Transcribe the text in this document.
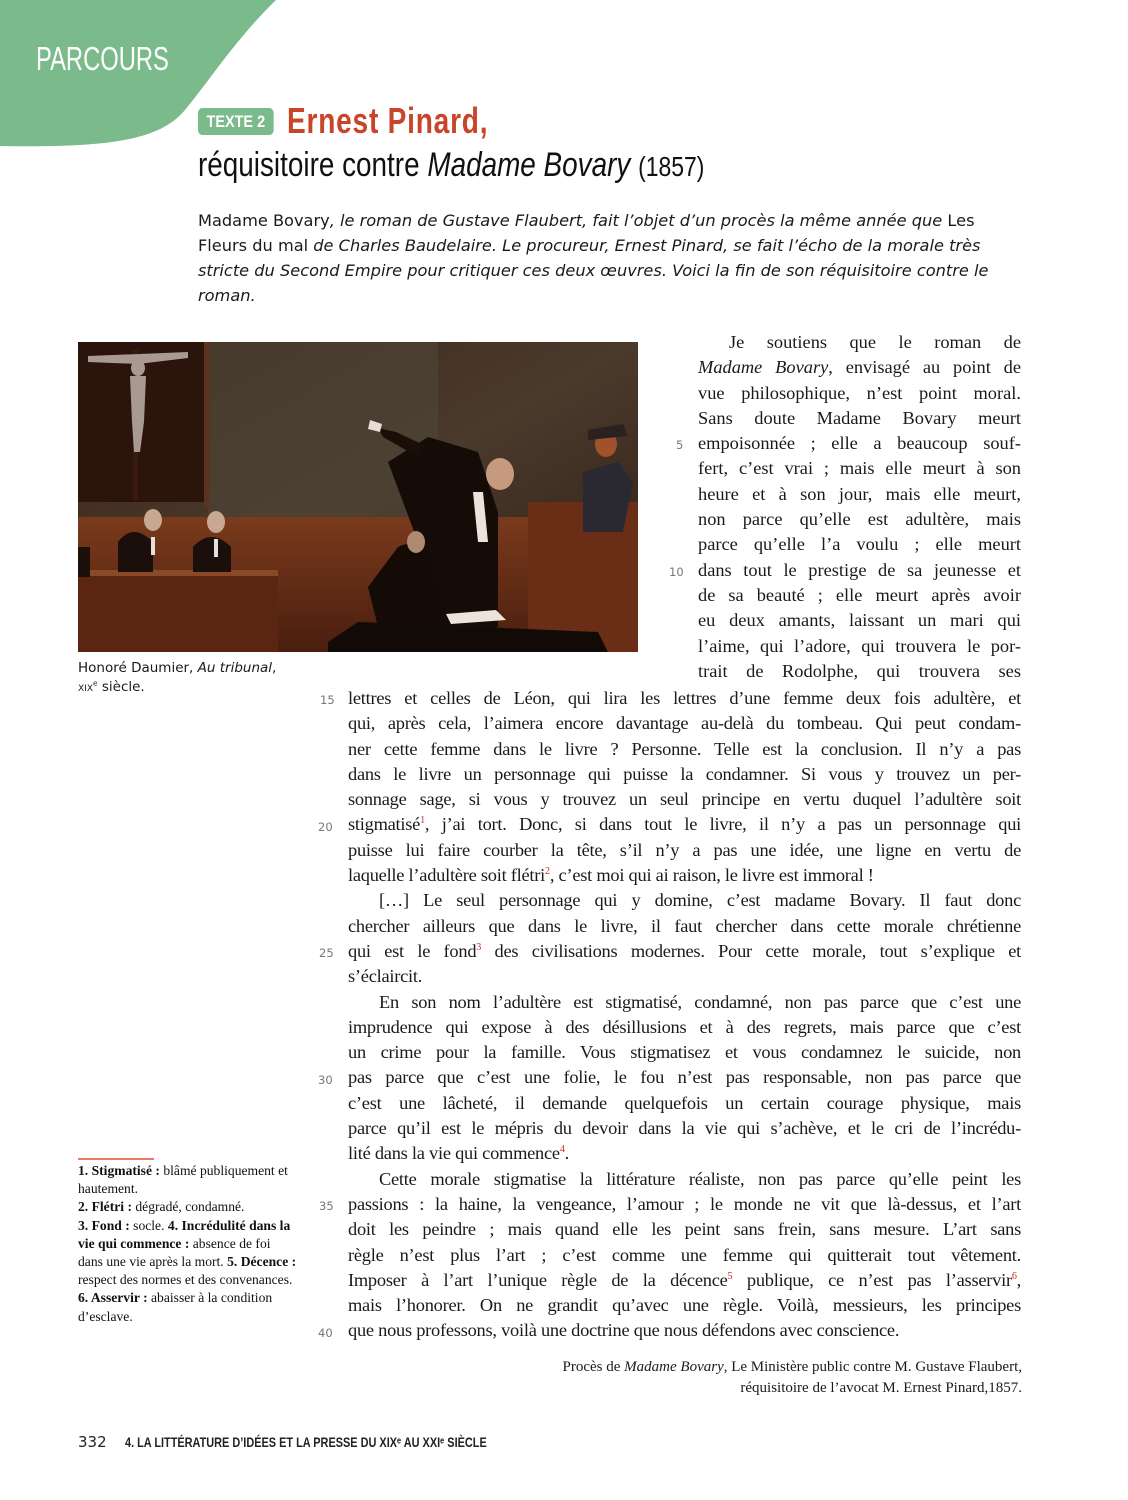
PARCOURS
TEXTE 2 Ernest Pinard,
réquisitoire contre Madame Bovary (1857)
Madame Bovary, le roman de Gustave Flaubert, fait l’objet d’un procès la même année que Les Fleurs du mal de Charles Baudelaire. Le procureur, Ernest Pinard, se fait l’écho de la morale très stricte du Second Empire pour critiquer ces deux œuvres. Voici la fin de son réquisitoire contre le roman.
Honoré Daumier, Au tribunal,
xix$^e$ siècle.
Je soutiens que le roman de
Madame Bovary, envisagé au point de
vue philosophique, n’est point moral.
Sans doute Madame Bovary meurt
empoisonnée ; elle a beaucoup souf-
fert, c’est vrai ; mais elle meurt à son
heure et à son jour, mais elle meurt,
non parce qu’elle est adultère, mais
parce qu’elle l’a voulu ; elle meurt
dans tout le prestige de sa jeunesse et
de sa beauté ; elle meurt après avoir
eu deux amants, laissant un mari qui
l’aime, qui l’adore, qui trouvera le por-
trait de Rodolphe, qui trouvera ses
lettres et celles de Léon, qui lira les lettres d’une femme deux fois adultère, et
qui, après cela, l’aimera encore davantage au-delà du tombeau. Qui peut condam-
ner cette femme dans le livre ? Personne. Telle est la conclusion. Il n’y a pas
dans le livre un personnage qui puisse la condamner. Si vous y trouvez un per-
sonnage sage, si vous y trouvez un seul principe en vertu duquel l’adultère soit
stigmatisé$^1$, j’ai tort. Donc, si dans tout le livre, il n’y a pas un personnage qui
puisse lui faire courber la tête, s’il n’y a pas une idée, une ligne en vertu de
laquelle l’adultère soit flétri$^2$, c’est moi qui ai raison, le livre est immoral !
[…] Le seul personnage qui y domine, c’est madame Bovary. Il faut donc
chercher ailleurs que dans le livre, il faut chercher dans cette morale chrétienne
qui est le fond$^3$ des civilisations modernes. Pour cette morale, tout s’explique et
s’éclaircit.
En son nom l’adultère est stigmatisé, condamné, non pas parce que c’est une
imprudence qui expose à des désillusions et à des regrets, mais parce que c’est
un crime pour la famille. Vous stigmatisez et vous condamnez le suicide, non
pas parce que c’est une folie, le fou n’est pas responsable, non pas parce que
c’est une lâcheté, il demande quelquefois un certain courage physique, mais
parce qu’il est le mépris du devoir dans la vie qui s’achève, et le cri de l’incrédu-
lité dans la vie qui commence$^4$.
Cette morale stigmatise la littérature réaliste, non pas parce qu’elle peint les
passions : la haine, la vengeance, l’amour ; le monde ne vit que là-dessus, et l’art
doit les peindre ; mais quand elle les peint sans frein, sans mesure. L’art sans
règle n’est plus l’art ; c’est comme une femme qui quitterait tout vêtement.
Imposer à l’art l’unique règle de la décence$^5$ publique, ce n’est pas l’asservir$^6$,
mais l’honorer. On ne grandit qu’avec une règle. Voilà, messieurs, les principes
que nous professons, voilà une doctrine que nous défendons avec conscience.
5
10
15
20
25
30
35
40
1. Stigmatisé : blâmé publiquement et hautement.
2. Flétri : dégradé, condamné.
3. Fond : socle. 4. Incrédulité dans la vie qui commence : absence de foi dans une vie après la mort. 5. Décence : respect des normes et des convenances. 6. Asservir : abaisser à la condition d’esclave.
Procès de Madame Bovary, Le Ministère public contre M. Gustave Flaubert,
réquisitoire de l’avocat M. Ernest Pinard,1857.
332 4. LA LITTÉRATURE D’IDÉES ET LA PRESSE DU XIXᵉ AU XXIᵉ SIÈCLE
